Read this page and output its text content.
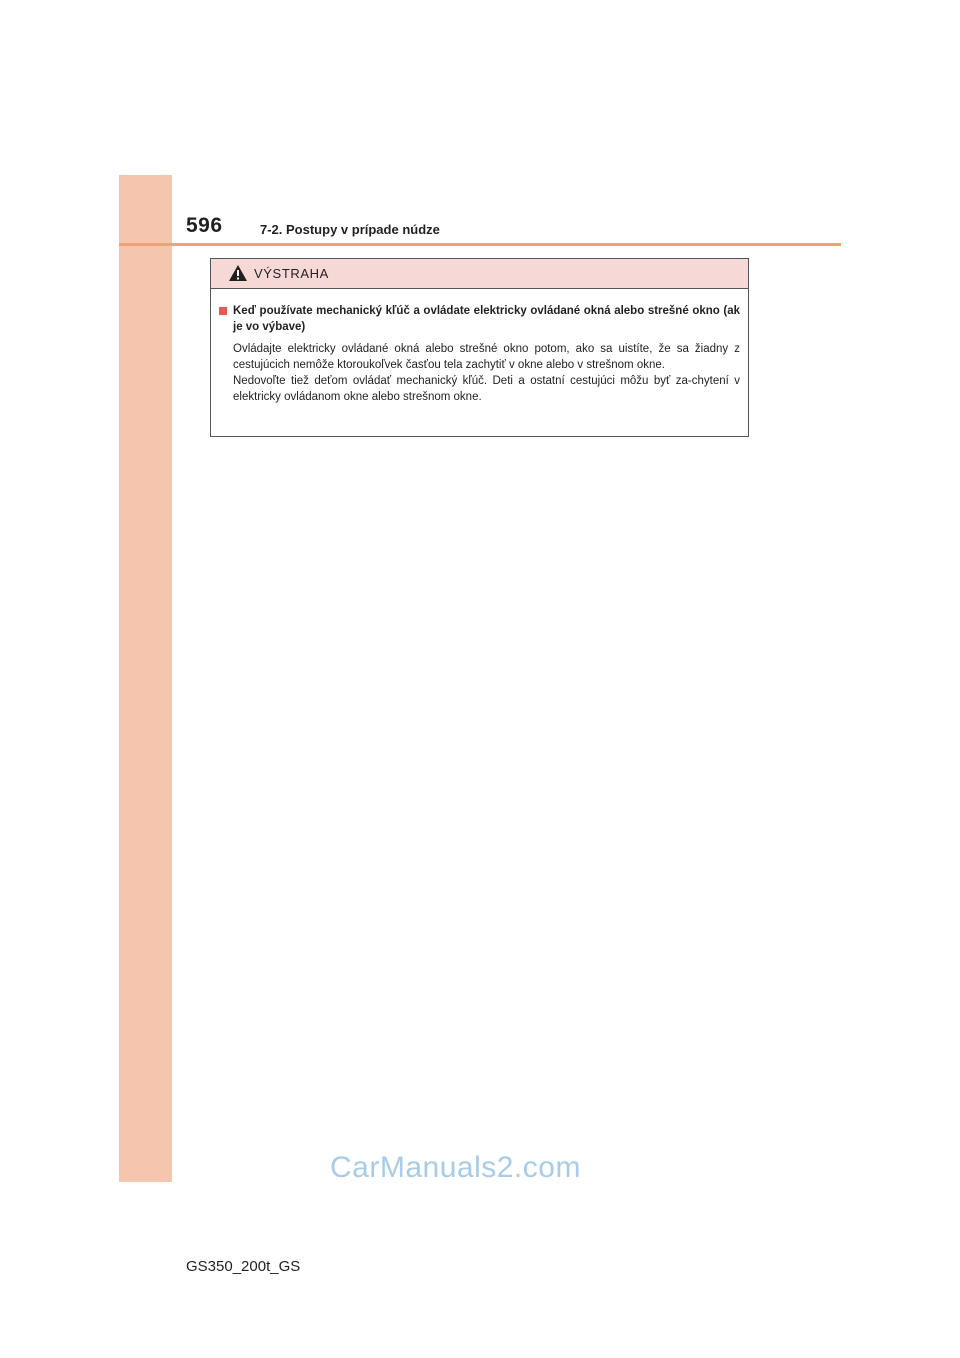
596	7-2. Postupy v prípade núdze
VÝSTRAHA
Keď používate mechanický kľúč a ovládate elektricky ovládané okná alebo strešné okno (ak je vo výbave)

Ovládajte elektricky ovládané okná alebo strešné okno potom, ako sa uistíte, že sa žiadny z cestujúcich nemôže ktoroukoľvek časťou tela zachytiť v okne alebo v strešnom okne.

Nedovoľte tiež deťom ovládať mechanický kľúč. Deti a ostatní cestujúci môžu byť za-chytení v elektricky ovládanom okne alebo strešnom okne.

CarManuals2.com
GS350_200t_GS
